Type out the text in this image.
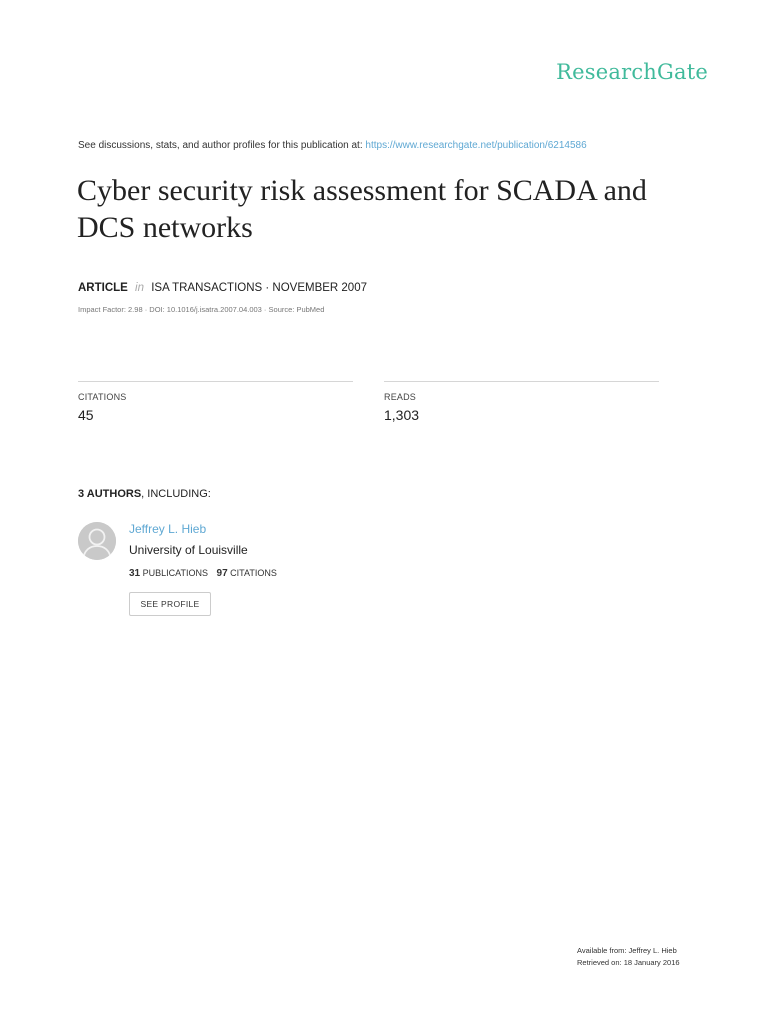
ResearchGate
See discussions, stats, and author profiles for this publication at: https://www.researchgate.net/publication/6214586
Cyber security risk assessment for SCADA and DCS networks
ARTICLE in ISA TRANSACTIONS · NOVEMBER 2007
Impact Factor: 2.98 · DOI: 10.1016/j.isatra.2007.04.003 · Source: PubMed
CITATIONS
45
READS
1,303
3 AUTHORS, INCLUDING:
Jeffrey L. Hieb
University of Louisville
31 PUBLICATIONS 97 CITATIONS
SEE PROFILE
Available from: Jeffrey L. Hieb
Retrieved on: 18 January 2016
